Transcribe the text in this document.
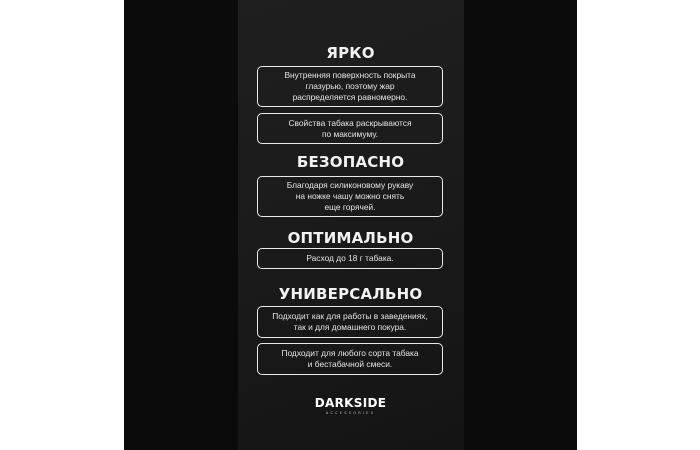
ЯРКО
Внутренняя поверхность покрыта
глазурью, поэтому жар
распределяется равномерно.
Свойства табака раскрываются
по максимуму.
БЕЗОПАСНО
Благодаря силиконовому рукаву
на ножке чашу можно снять
еще горячей.
ОПТИМАЛЬНО
Расход до 18 г табака.
УНИВЕРСАЛЬНО
Подходит как для работы в заведениях,
так и для домашнего покура.
Подходит для любого сорта табака
и бестабачной смеси.
DARKSIDE
ACCESSORIES
